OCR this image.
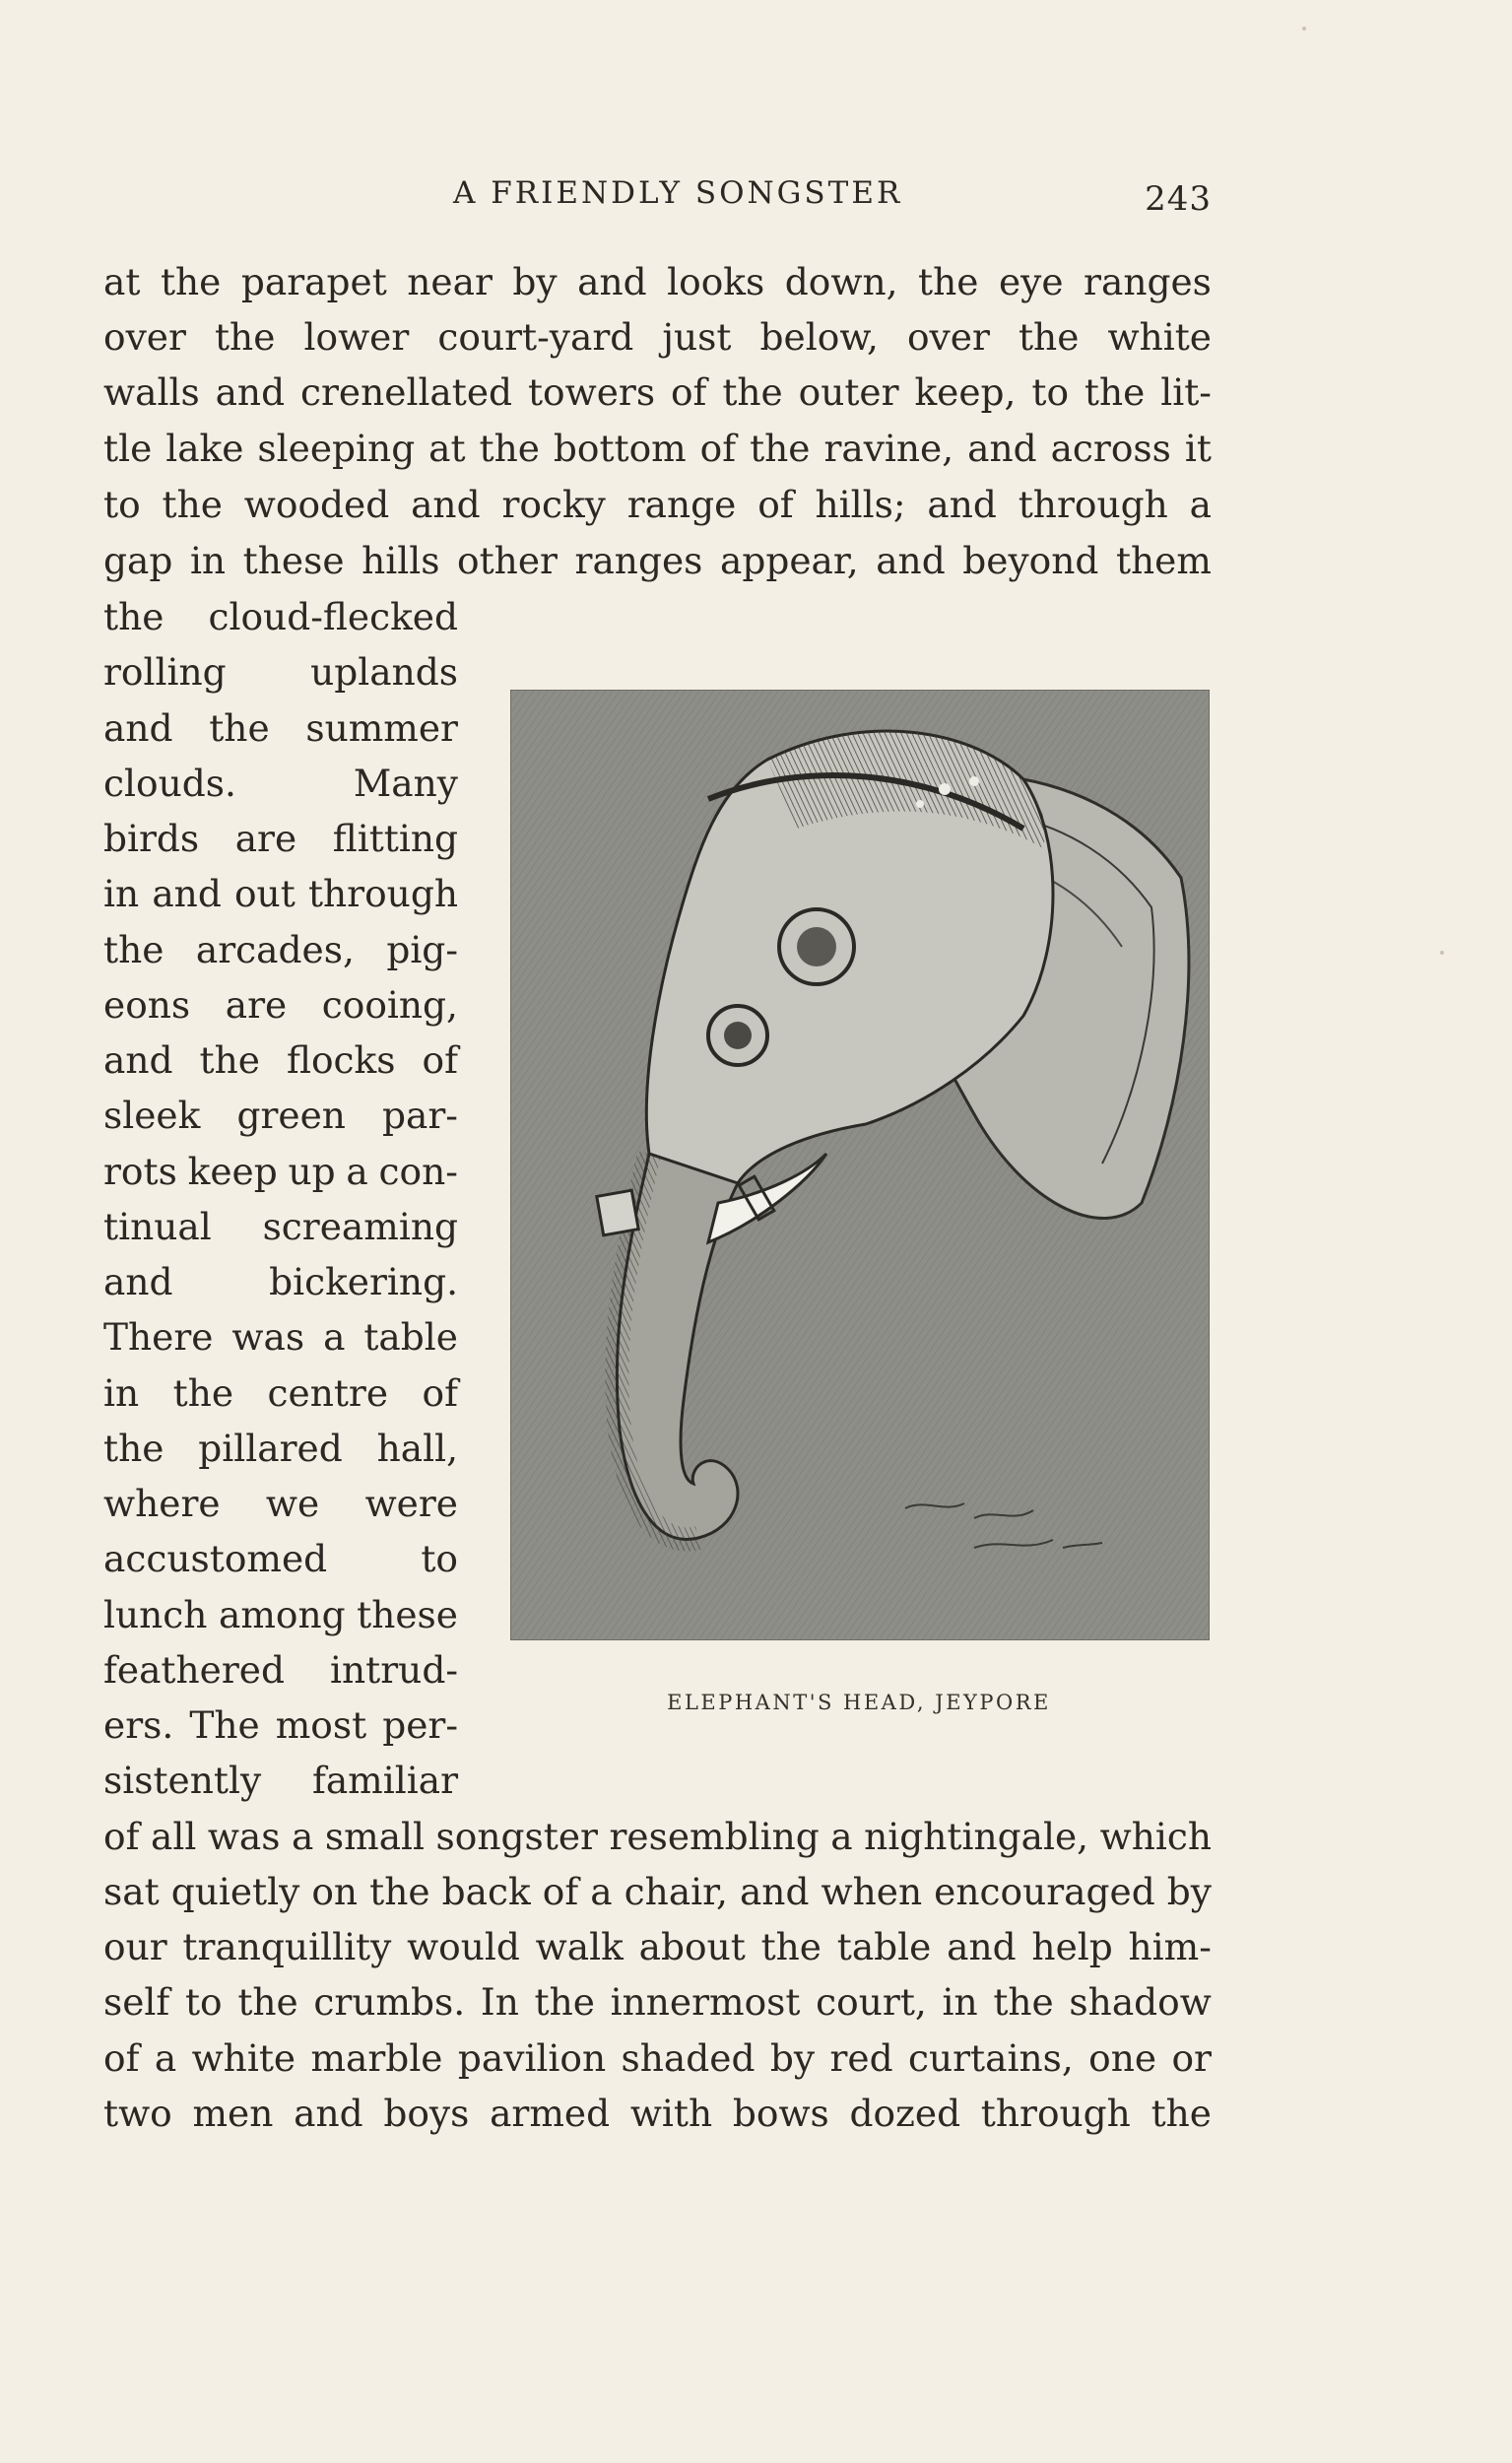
A FRIENDLY SONGSTER	243
at the parapet near by and looks down, the eye ranges
over the lower court-yard just below, over the white
walls and crenellated towers of the outer keep, to the lit-
tle lake sleeping at the bottom of the ravine, and across it
to the wooded and rocky range of hills; and through a
gap in these hills other ranges appear, and beyond them
the cloud-flecked
rolling uplands
and the summer
clouds.	Many
birds are flitting
in and out through
the arcades, pig-
eons are cooing,
and the flocks of
sleek green par-
rots keep up a con-
tinual screaming
and	bickering.
There was a table
in the centre of
the pillared hall,
where we were
accustomed	to
lunch among these
feathered intrud-
ers. The most per-
sistently familiar
of all was a small songster resembling a nightingale, which
sat quietly on the back of a chair, and when encouraged by
our tranquillity would walk about the table and help him-
self to the crumbs. In the innermost court, in the shadow
of a white marble pavilion shaded by red curtains, one or
two men and boys armed with bows dozed through the
ELEPHANT'S HEAD, JEYPORE
